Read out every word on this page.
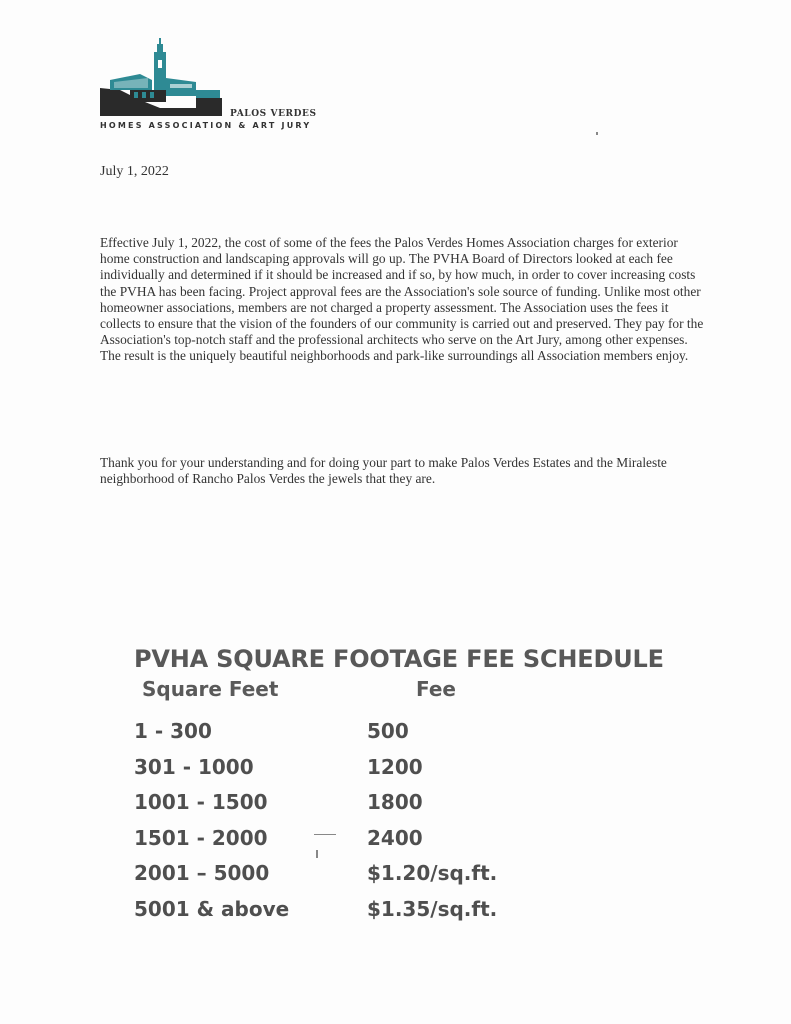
PALOS VERDES
HOMES ASSOCIATION & ART JURY
July 1, 2022

Effective July 1, 2022, the cost of some of the fees the Palos Verdes Homes Association charges for exterior home construction and landscaping approvals will go up. The PVHA Board of Directors looked at each fee individually and determined if it should be increased and if so, by how much, in order to cover increasing costs the PVHA has been facing. Project approval fees are the Association's sole source of funding. Unlike most other homeowner associations, members are not charged a property assessment. The Association uses the fees it collects to ensure that the vision of the founders of our community is carried out and preserved. They pay for the Association's top-notch staff and the professional architects who serve on the Art Jury, among other expenses. The result is the uniquely beautiful neighborhoods and park-like surroundings all Association members enjoy.

Thank you for your understanding and for doing your part to make Palos Verdes Estates and the Miraleste neighborhood of Rancho Palos Verdes the jewels that they are.

PVHA SQUARE FOOTAGE FEE SCHEDULE
Square Feet	Fee
1 - 300	500
301 - 1000	1200
1001 - 1500	1800
1501 - 2000	2400
2001 – 5000	$1.20/sq.ft.
5001 & above	$1.35/sq.ft.
